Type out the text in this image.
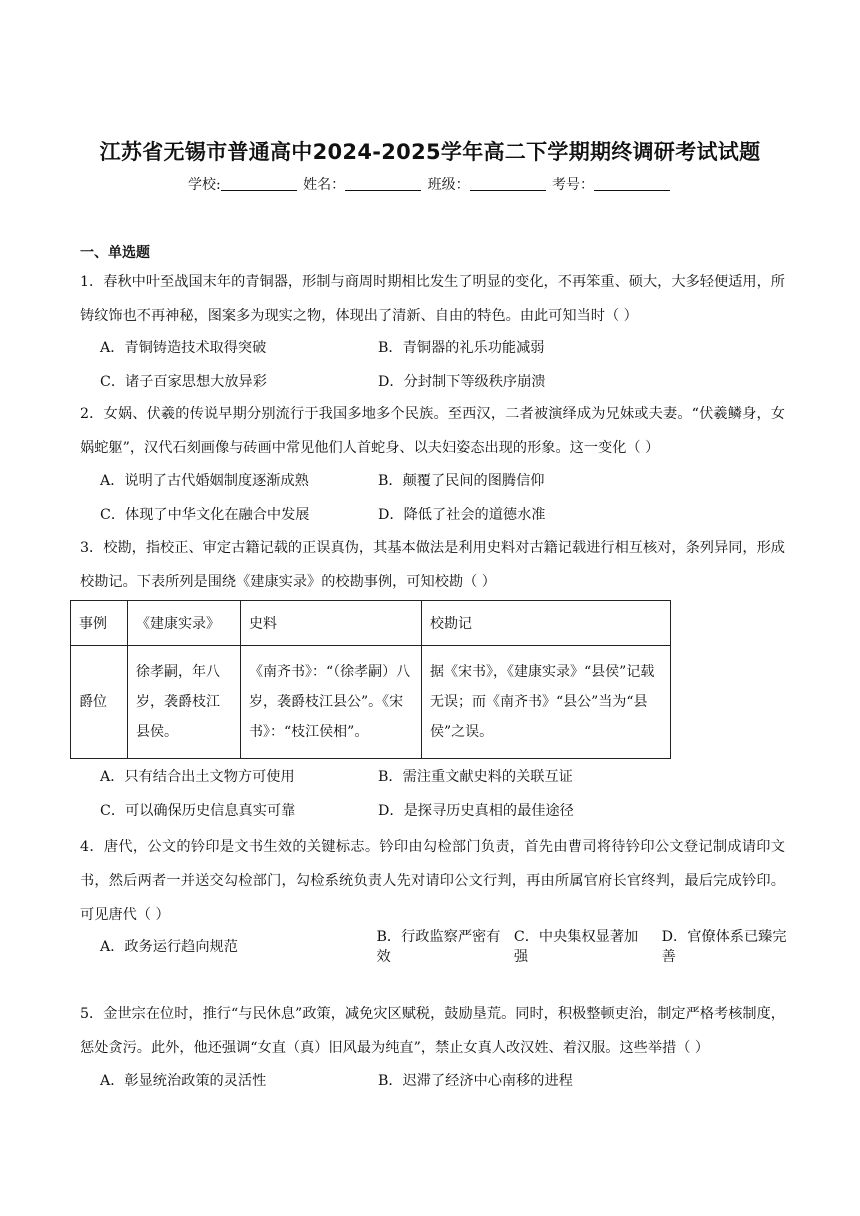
江苏省无锡市普通高中2024-2025学年高二下学期期终调研考试试题
学校:	姓名：	班级：	考号：
一、单选题
1．春秋中叶至战国末年的青铜器，形制与商周时期相比发生了明显的变化，不再笨重、硕大，大多轻便适用，所铸纹饰也不再神秘，图案多为现实之物，体现出了清新、自由的特色。由此可知当时（ ）
A．青铜铸造技术取得突破	B．青铜器的礼乐功能减弱
C．诸子百家思想大放异彩	D．分封制下等级秩序崩溃
2．女娲、伏羲的传说早期分别流行于我国多地多个民族。至西汉，二者被演绎成为兄妹或夫妻。“伏羲鳞身，女娲蛇躯”，汉代石刻画像与砖画中常见他们人首蛇身、以夫妇姿态出现的形象。这一变化（ ）
A．说明了古代婚姻制度逐渐成熟	B．颠覆了民间的图腾信仰
C．体现了中华文化在融合中发展	D．降低了社会的道德水准
3．校勘，指校正、审定古籍记载的正误真伪，其基本做法是利用史料对古籍记载进行相互核对，条列异同，形成校勘记。下表所列是围绕《建康实录》的校勘事例，可知校勘（ ）
事例	《建康实录》	史料	校勘记
爵位	徐孝嗣，年八岁，袭爵枝江县侯。	《南齐书》：“（徐孝嗣）八岁，袭爵枝江县公”。《宋书》：“枝江侯相”。	据《宋书》，《建康实录》“县侯”记载无误；而《南齐书》“县公”当为“县侯”之误。
A．只有结合出土文物方可使用	B．需注重文献史料的关联互证
C．可以确保历史信息真实可靠	D．是探寻历史真相的最佳途径
4．唐代，公文的钤印是文书生效的关键标志。钤印由勾检部门负责，首先由曹司将待钤印公文登记制成请印文书，然后两者一并送交勾检部门，勾检系统负责人先对请印公文行判，再由所属官府长官终判，最后完成钤印。可见唐代（ ）
A．政务运行趋向规范
B．行政监察严密有效
C．中央集权显著加强
D．官僚体系已臻完善
5．金世宗在位时，推行“与民休息”政策，减免灾区赋税，鼓励垦荒。同时，积极整顿吏治，制定严格考核制度，惩处贪污。此外，他还强调“女直（真）旧风最为纯直”，禁止女真人改汉姓、着汉服。这些举措（ ）
A．彰显统治政策的灵活性	B．迟滞了经济中心南移的进程
